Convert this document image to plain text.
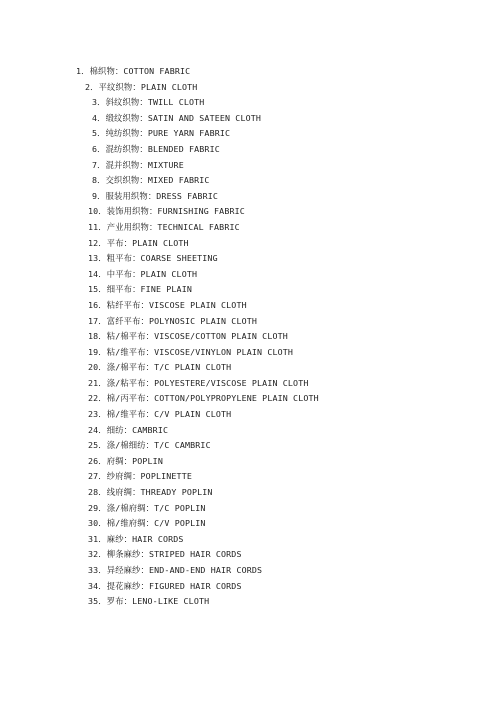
1．棉织物：COTTON FABRIC
2．平纹织物：PLAIN CLOTH
3．斜纹织物：TWILL CLOTH
4．缎纹织物：SATIN AND SATEEN CLOTH
5．纯纺织物：PURE YARN FABRIC
6．混纺织物：BLENDED FABRIC
7．混并织物：MIXTURE
8．交织织物：MIXED FABRIC
9．服装用织物：DRESS FABRIC
10．装饰用织物：FURNISHING FABRIC
11．产业用织物：TECHNICAL FABRIC
12．平布：PLAIN CLOTH
13．粗平布：COARSE SHEETING
14．中平布：PLAIN CLOTH
15．细平布：FINE PLAIN
16．粘纤平布：VISCOSE PLAIN CLOTH
17．富纤平布：POLYNOSIC PLAIN CLOTH
18．粘/棉平布：VISCOSE/COTTON PLAIN CLOTH
19．粘/维平布：VISCOSE/VINYLON PLAIN CLOTH
20．涤/棉平布：T/C PLAIN CLOTH
21．涤/粘平布：POLYESTERE/VISCOSE PLAIN CLOTH
22．棉/丙平布：COTTON/POLYPROPYLENE PLAIN CLOTH
23．棉/维平布：C/V PLAIN CLOTH
24．细纺：CAMBRIC
25．涤/棉细纺：T/C CAMBRIC
26．府绸：POPLIN
27．纱府绸：POPLINETTE
28．线府绸：THREADY POPLIN
29．涤/棉府绸：T/C POPLIN
30．棉/维府绸：C/V POPLIN
31．麻纱：HAIR CORDS
32．柳条麻纱：STRIPED HAIR CORDS
33．异经麻纱：END-AND-END HAIR CORDS
34．提花麻纱：FIGURED HAIR CORDS
35．罗布：LENO-LIKE CLOTH
